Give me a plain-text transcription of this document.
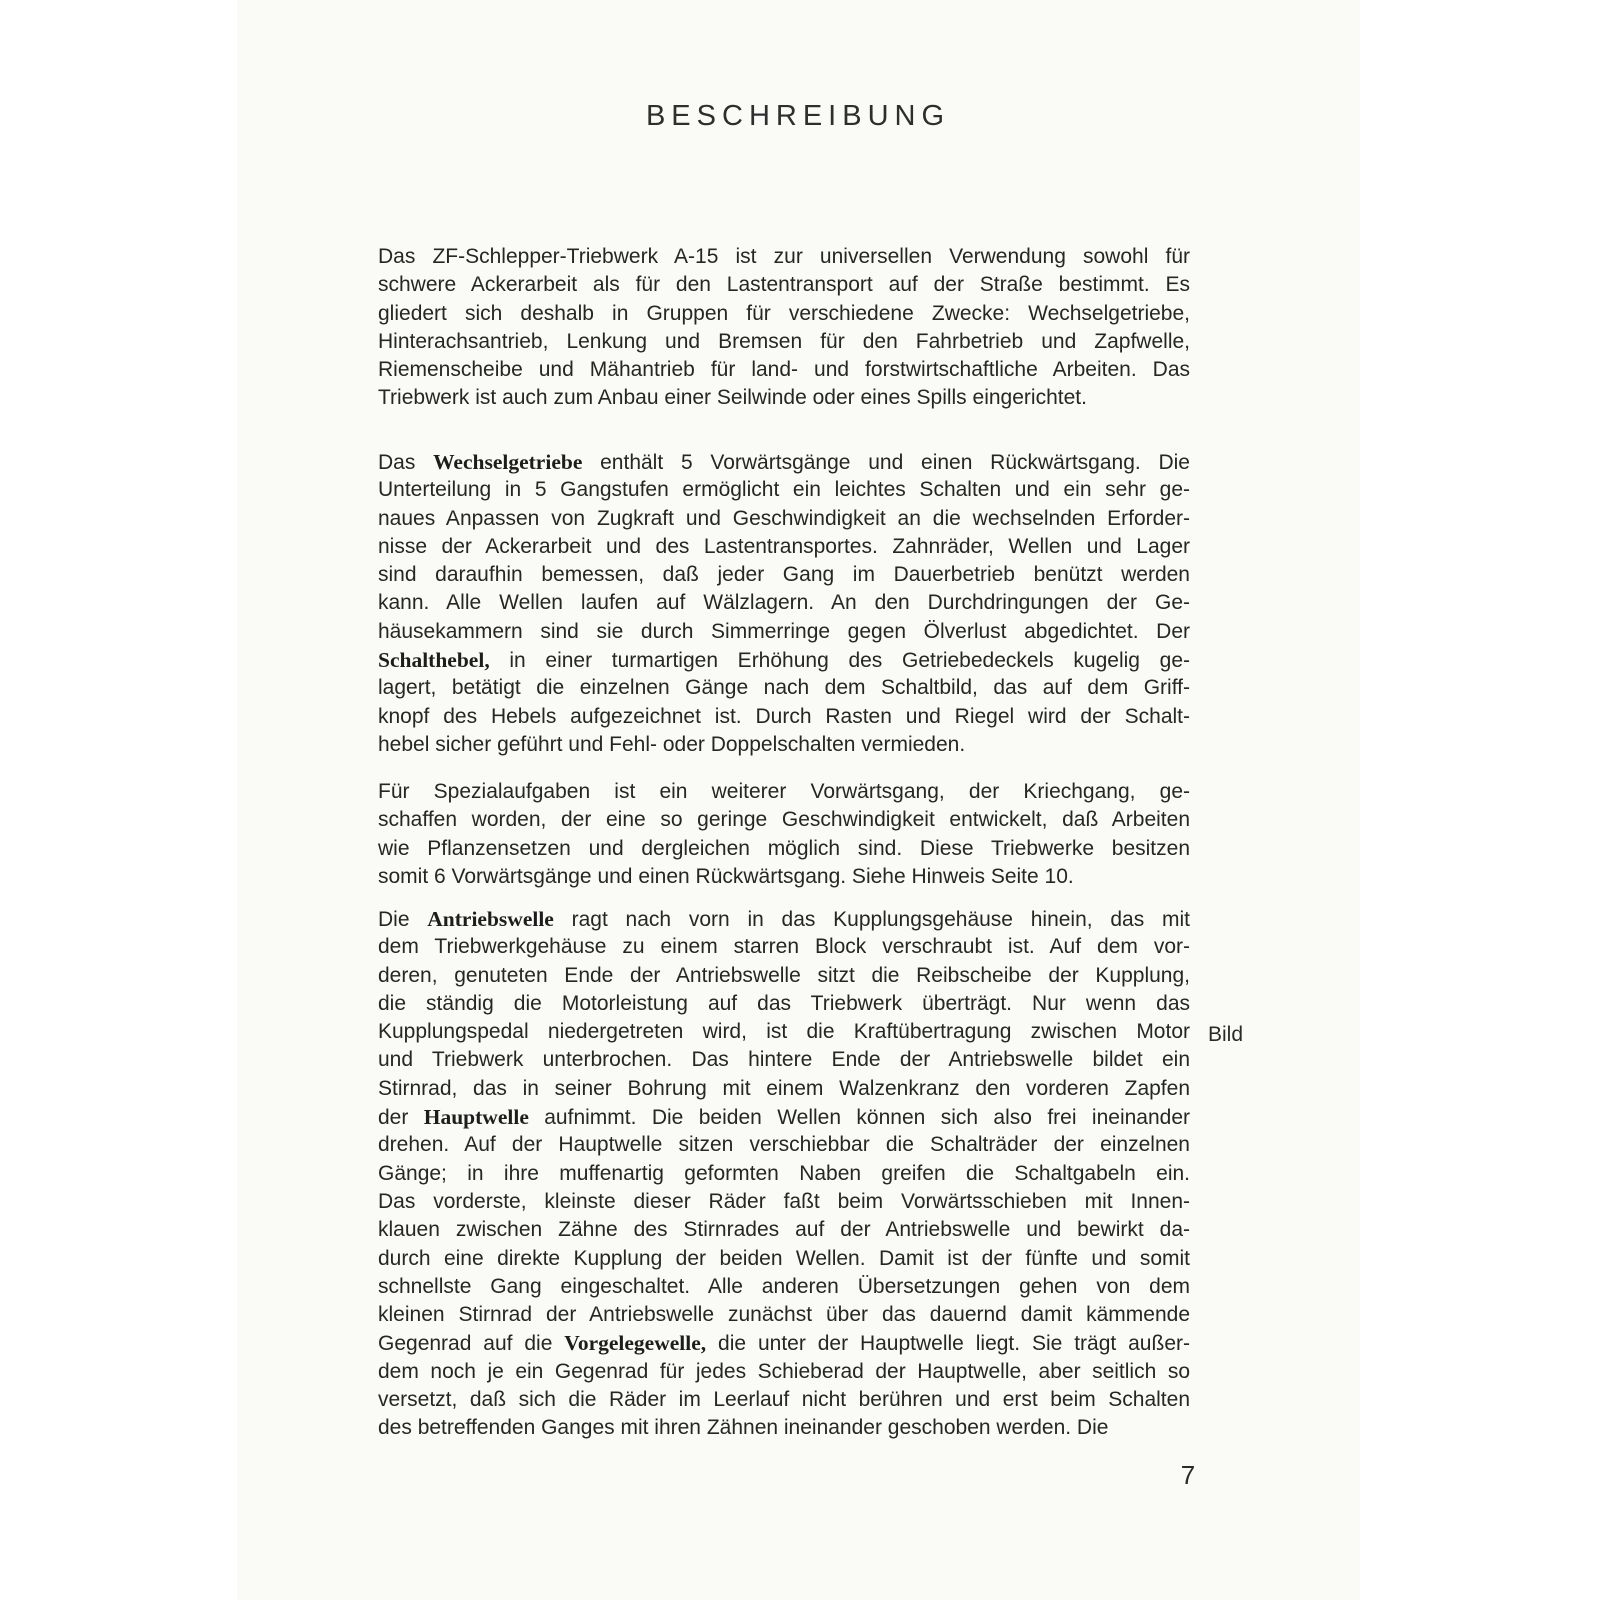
BESCHREIBUNG
Das ZF-Schlepper-Triebwerk A-15 ist zur universellen Verwendung sowohl für
schwere Ackerarbeit als für den Lastentransport auf der Straße bestimmt. Es
gliedert sich deshalb in Gruppen für verschiedene Zwecke: Wechselgetriebe,
Hinterachsantrieb, Lenkung und Bremsen für den Fahrbetrieb und Zapfwelle,
Riemenscheibe und Mähantrieb für land- und forstwirtschaftliche Arbeiten. Das
Triebwerk ist auch zum Anbau einer Seilwinde oder eines Spills eingerichtet.
Das Wechselgetriebe enthält 5 Vorwärtsgänge und einen Rückwärtsgang. Die
Unterteilung in 5 Gangstufen ermöglicht ein leichtes Schalten und ein sehr ge-
naues Anpassen von Zugkraft und Geschwindigkeit an die wechselnden Erforder-
nisse der Ackerarbeit und des Lastentransportes. Zahnräder, Wellen und Lager
sind daraufhin bemessen, daß jeder Gang im Dauerbetrieb benützt werden
kann. Alle Wellen laufen auf Wälzlagern. An den Durchdringungen der Ge-
häusekammern sind sie durch Simmerringe gegen Ölverlust abgedichtet. Der
Schalthebel, in einer turmartigen Erhöhung des Getriebedeckels kugelig ge-
lagert, betätigt die einzelnen Gänge nach dem Schaltbild, das auf dem Griff-
knopf des Hebels aufgezeichnet ist. Durch Rasten und Riegel wird der Schalt-
hebel sicher geführt und Fehl- oder Doppelschalten vermieden.
Für Spezialaufgaben ist ein weiterer Vorwärtsgang, der Kriechgang, ge-
schaffen worden, der eine so geringe Geschwindigkeit entwickelt, daß Arbeiten
wie Pflanzensetzen und dergleichen möglich sind. Diese Triebwerke besitzen
somit 6 Vorwärtsgänge und einen Rückwärtsgang. Siehe Hinweis Seite 10.
Die Antriebswelle ragt nach vorn in das Kupplungsgehäuse hinein, das mit
dem Triebwerkgehäuse zu einem starren Block verschraubt ist. Auf dem vor-
deren, genuteten Ende der Antriebswelle sitzt die Reibscheibe der Kupplung,
die ständig die Motorleistung auf das Triebwerk überträgt. Nur wenn das
Kupplungspedal niedergetreten wird, ist die Kraftübertragung zwischen Motor
und Triebwerk unterbrochen. Das hintere Ende der Antriebswelle bildet ein
Stirnrad, das in seiner Bohrung mit einem Walzenkranz den vorderen Zapfen
der Hauptwelle aufnimmt. Die beiden Wellen können sich also frei ineinander
drehen. Auf der Hauptwelle sitzen verschiebbar die Schalträder der einzelnen
Gänge; in ihre muffenartig geformten Naben greifen die Schaltgabeln ein.
Das vorderste, kleinste dieser Räder faßt beim Vorwärtsschieben mit Innen-
klauen zwischen Zähne des Stirnrades auf der Antriebswelle und bewirkt da-
durch eine direkte Kupplung der beiden Wellen. Damit ist der fünfte und somit
schnellste Gang eingeschaltet. Alle anderen Übersetzungen gehen von dem
kleinen Stirnrad der Antriebswelle zunächst über das dauernd damit kämmende
Gegenrad auf die Vorgelegewelle, die unter der Hauptwelle liegt. Sie trägt außer-
dem noch je ein Gegenrad für jedes Schieberad der Hauptwelle, aber seitlich so
versetzt, daß sich die Räder im Leerlauf nicht berühren und erst beim Schalten
des betreffenden Ganges mit ihren Zähnen ineinander geschoben werden. Die
Bild
7
